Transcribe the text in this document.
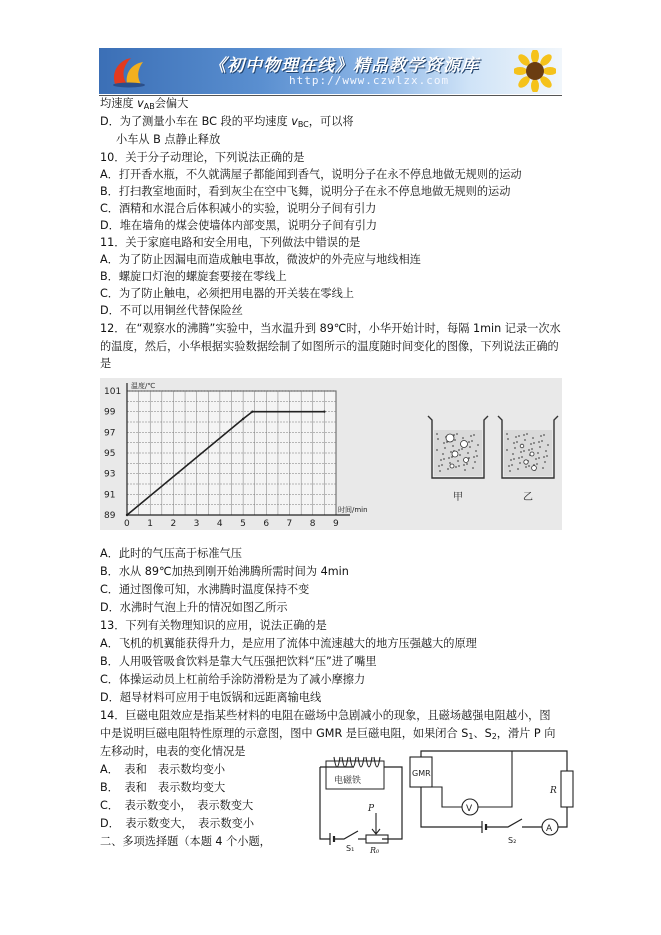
《初中物理在线》精品教学资源库
http://www.czwlzx.com
均速度 $v_{AB}$会偏大
D．为了测量小车在 BC 段的平均速度 $v_{BC}$，可以将
小车从 B 点静止释放
10．关于分子动理论，下列说法正确的是
A．打开香水瓶，不久就满屋子都能闻到香气，说明分子在永不停息地做无规则的运动
B．打扫教室地面时，看到灰尘在空中飞舞，说明分子在永不停息地做无规则的运动
C．酒精和水混合后体积减小的实验，说明分子间有引力
D．堆在墙角的煤会使墙体内部变黑，说明分子间有引力
11．关于家庭电路和安全用电，下列做法中错误的是
A．为了防止因漏电而造成触电事故，微波炉的外壳应与地线相连
B．螺旋口灯泡的螺旋套要接在零线上
C．为了防止触电，必须把用电器的开关装在零线上
D．不可以用铜丝代替保险丝
12．在“观察水的沸腾”实验中，当水温升到 89℃时，小华开始计时，每隔 1min 记录一次水的温度，然后，小华根据实验数据绘制了如图所示的温度随时间变化的图像，下列说法正确的是
0 1 2 3 4 5 6 7 8 9
89
91
93
95
97
99
101
温度/℃
时间/min
甲	乙
A．此时的气压高于标准气压
B．水从 89℃加热到刚开始沸腾所需时间为 4min
C．通过图像可知，水沸腾时温度保持不变
D．水沸时气泡上升的情况如图乙所示
13．下列有关物理知识的应用，说法正确的是
A．飞机的机翼能获得升力，是应用了流体中流速越大的地方压强越大的原理
B．人用吸管吸食饮料是靠大气压强把饮料“压”进了嘴里
C．体操运动员上杠前给手涂防滑粉是为了减小摩擦力
D．超导材料可应用于电饭锅和远距离输电线
14．巨磁电阻效应是指某些材料的电阻在磁场中急剧减小的现象，且磁场越强电阻越小，图
中是说明巨磁电阻特性原理的示意图，图中 GMR 是巨磁电阻，如果闭合 $S_1$、$S_2$，滑片 P 向
左移动时，电表的变化情况是
A．　表和　表示数均变小
B．　表和　表示数均变大
C．　表示数变小，　表示数变大
D．　表示数变大，　表示数变小
二、多项选择题（本题 4 个小题，
电磁铁
S₁
P
R₀
GMR
R
V
S₂
A
